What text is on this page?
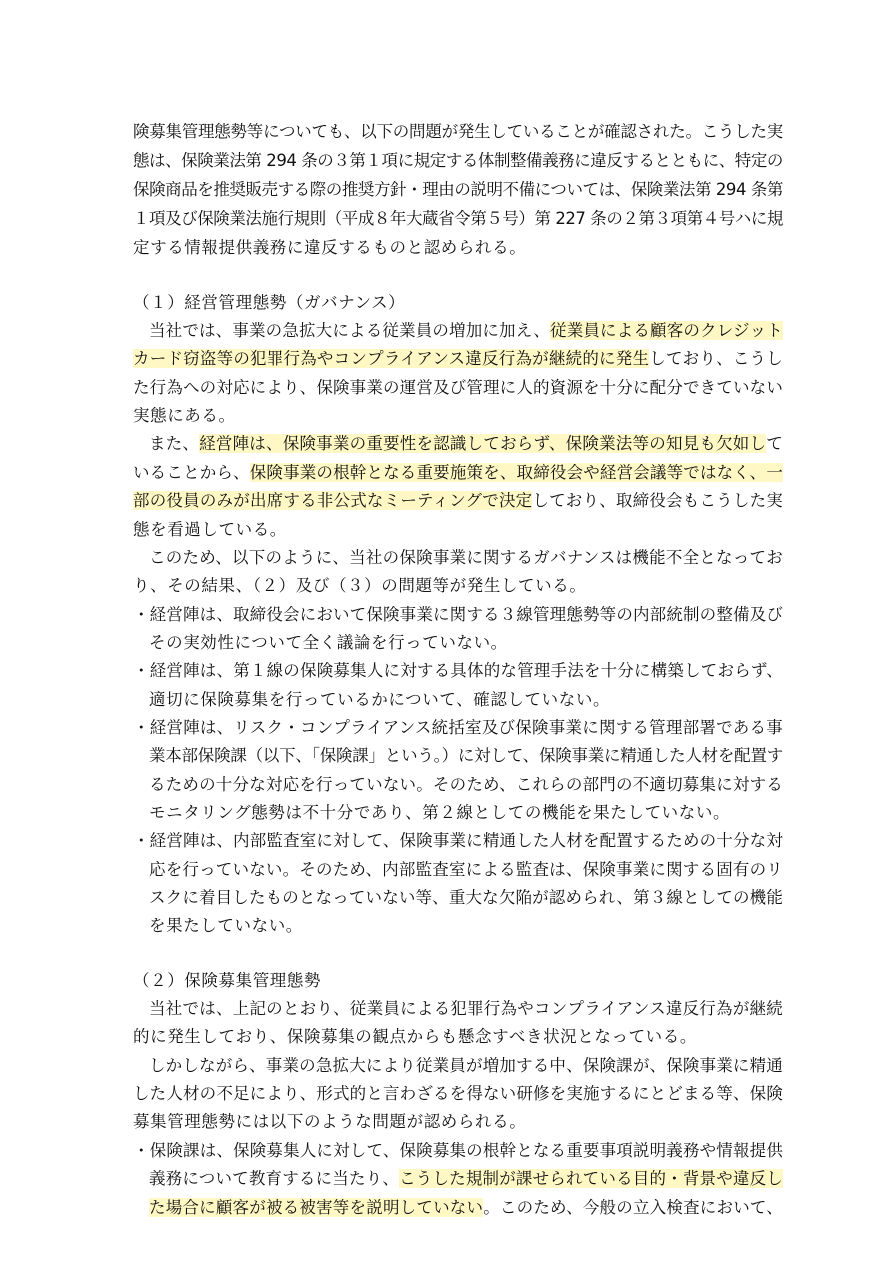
険募集管理態勢等についても、以下の問題が発生していることが確認された。こうした実
態は、保険業法第 294 条の３第１項に規定する体制整備義務に違反するとともに、特定の
保険商品を推奨販売する際の推奨方針・理由の説明不備については、保険業法第 294 条第
１項及び保険業法施行規則（平成８年大蔵省令第５号）第 227 条の２第３項第４号ハに規
定する情報提供義務に違反するものと認められる。
（１）経営管理態勢（ガバナンス）
当社では、事業の急拡大による従業員の増加に加え、従業員による顧客のクレジット
カード窃盗等の犯罪行為やコンプライアンス違反行為が継続的に発生しており、こうし
た行為への対応により、保険事業の運営及び管理に人的資源を十分に配分できていない
実態にある。
また、経営陣は、保険事業の重要性を認識しておらず、保険業法等の知見も欠如して
いることから、保険事業の根幹となる重要施策を、取締役会や経営会議等ではなく、一
部の役員のみが出席する非公式なミーティングで決定しており、取締役会もこうした実
態を看過している。
このため、以下のように、当社の保険事業に関するガバナンスは機能不全となってお
り、その結果、（２）及び（３）の問題等が発生している。
・経営陣は、取締役会において保険事業に関する３線管理態勢等の内部統制の整備及び
その実効性について全く議論を行っていない。
・経営陣は、第１線の保険募集人に対する具体的な管理手法を十分に構築しておらず、
適切に保険募集を行っているかについて、確認していない。
・経営陣は、リスク・コンプライアンス統括室及び保険事業に関する管理部署である事
業本部保険課（以下、「保険課」という。）に対して、保険事業に精通した人材を配置す
るための十分な対応を行っていない。そのため、これらの部門の不適切募集に対する
モニタリング態勢は不十分であり、第２線としての機能を果たしていない。
・経営陣は、内部監査室に対して、保険事業に精通した人材を配置するための十分な対
応を行っていない。そのため、内部監査室による監査は、保険事業に関する固有のリ
スクに着目したものとなっていない等、重大な欠陥が認められ、第３線としての機能
を果たしていない。
（２）保険募集管理態勢
当社では、上記のとおり、従業員による犯罪行為やコンプライアンス違反行為が継続
的に発生しており、保険募集の観点からも懸念すべき状況となっている。
しかしながら、事業の急拡大により従業員が増加する中、保険課が、保険事業に精通
した人材の不足により、形式的と言わざるを得ない研修を実施するにとどまる等、保険
募集管理態勢には以下のような問題が認められる。
・保険課は、保険募集人に対して、保険募集の根幹となる重要事項説明義務や情報提供
義務について教育するに当たり、こうした規制が課せられている目的・背景や違反し
た場合に顧客が被る被害等を説明していない。このため、今般の立入検査において、
